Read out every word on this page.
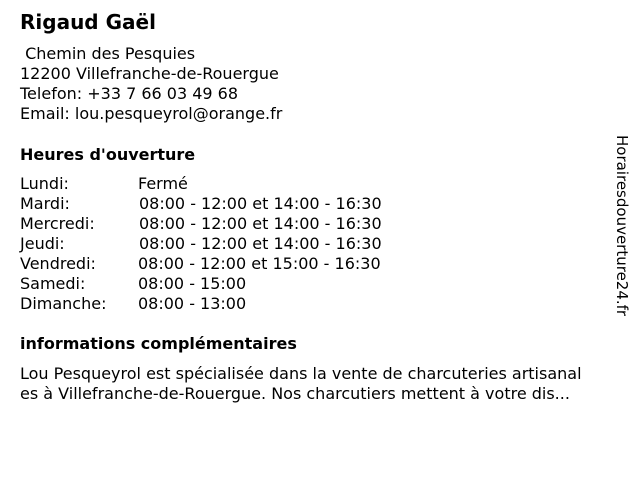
Rigaud Gaël
Chemin des Pesquies
12200 Villefranche-de-Rouergue
Telefon: +33 7 66 03 49 68
Email: lou.pesqueyrol@orange.fr
Heures d'ouverture
Lundi:	Fermé
Mardi:	08:00 - 12:00 et 14:00 - 16:30
Mercredi:	08:00 - 12:00 et 14:00 - 16:30
Jeudi:	08:00 - 12:00 et 14:00 - 16:30
Vendredi:	08:00 - 12:00 et 15:00 - 16:30
Samedi:	08:00 - 15:00
Dimanche: 08:00 - 13:00
informations complémentaires
Lou Pesqueyrol est spécialisée dans la vente de charcuteries artisanal
es à Villefranche-de-Rouergue. Nos charcutiers mettent à votre dis...
Horairesdouverture24.fr
